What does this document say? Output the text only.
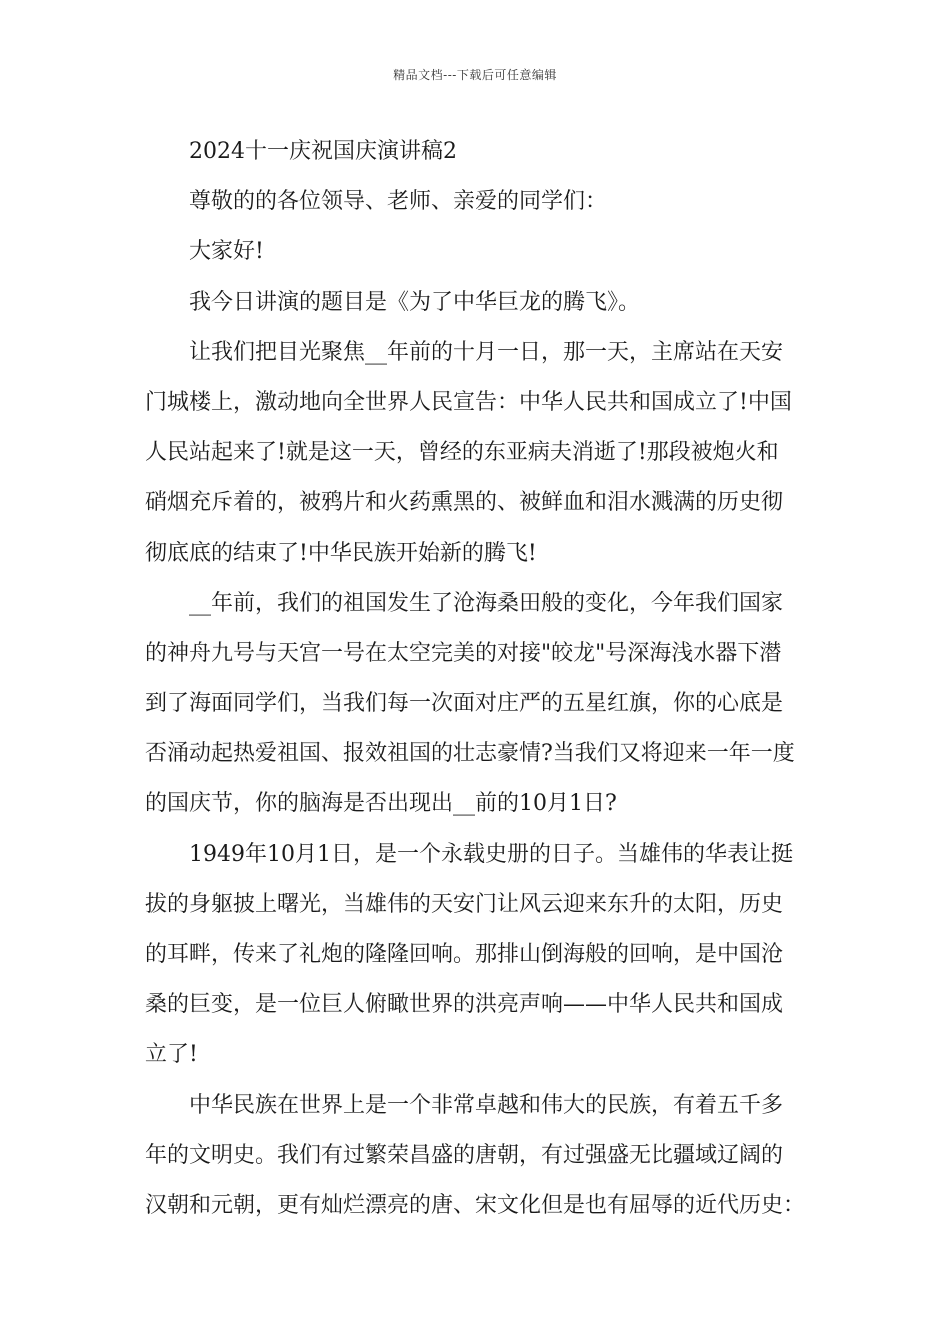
精品文档---下载后可任意编辑
2024十一庆祝国庆演讲稿2
尊敬的的各位领导、老师、亲爱的同学们：
大家好!
我今日讲演的题目是《为了中华巨龙的腾飞》。
让我们把目光聚焦__年前的十月一日，那一天，主席站在天安
门城楼上，激动地向全世界人民宣告：中华人民共和国成立了!中国
人民站起来了!就是这一天，曾经的东亚病夫消逝了!那段被炮火和
硝烟充斥着的，被鸦片和火药熏黑的、被鲜血和泪水溅满的历史彻
彻底底的结束了!中华民族开始新的腾飞!
__年前，我们的祖国发生了沧海桑田般的变化，今年我们国家
的神舟九号与天宫一号在太空完美的对接"皎龙"号深海浅水器下潜
到了海面同学们，当我们每一次面对庄严的五星红旗，你的心底是
否涌动起热爱祖国、报效祖国的壮志豪情?当我们又将迎来一年一度
的国庆节，你的脑海是否出现出__前的10月1日?
1949年10月1日，是一个永载史册的日子。当雄伟的华表让挺
拔的身躯披上曙光，当雄伟的天安门让风云迎来东升的太阳，历史
的耳畔，传来了礼炮的隆隆回响。那排山倒海般的回响，是中国沧
桑的巨变，是一位巨人俯瞰世界的洪亮声响——中华人民共和国成
立了!
中华民族在世界上是一个非常卓越和伟大的民族，有着五千多
年的文明史。我们有过繁荣昌盛的唐朝，有过强盛无比疆域辽阔的
汉朝和元朝，更有灿烂漂亮的唐、宋文化但是也有屈辱的近代历史：
